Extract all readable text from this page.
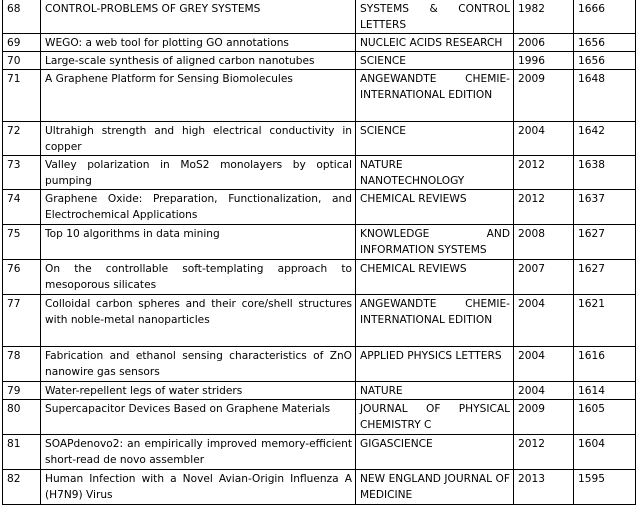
68	CONTROL-PROBLEMS OF GREY SYSTEMS	SYSTEMS & CONTROL LETTERS	1982	1666
69	WEGO: a web tool for plotting GO annotations	NUCLEIC ACIDS RESEARCH	2006	1656
70	Large-scale synthesis of aligned carbon nanotubes	SCIENCE	1996	1656
71	A Graphene Platform for Sensing Biomolecules	ANGEWANDTE CHEMIE-INTERNATIONAL EDITION	2009	1648
72	Ultrahigh strength and high electrical conductivity in copper	SCIENCE	2004	1642
73	Valley polarization in MoS2 monolayers by optical pumping	NATURE NANOTECHNOLOGY	2012	1638
74	Graphene Oxide: Preparation, Functionalization, and Electrochemical Applications	CHEMICAL REVIEWS	2012	1637
75	Top 10 algorithms in data mining	KNOWLEDGE AND INFORMATION SYSTEMS	2008	1627
76	On the controllable soft-templating approach to mesoporous silicates	CHEMICAL REVIEWS	2007	1627
77	Colloidal carbon spheres and their core/shell structures with noble-metal nanoparticles	ANGEWANDTE CHEMIE-INTERNATIONAL EDITION	2004	1621
78	Fabrication and ethanol sensing characteristics of ZnO nanowire gas sensors	APPLIED PHYSICS LETTERS	2004	1616
79	Water-repellent legs of water striders	NATURE	2004	1614
80	Supercapacitor Devices Based on Graphene Materials	JOURNAL OF PHYSICAL CHEMISTRY C	2009	1605
81	SOAPdenovo2: an empirically improved memory-efficient short-read de novo assembler	GIGASCIENCE	2012	1604
82	Human Infection with a Novel Avian-Origin Influenza A (H7N9) Virus	NEW ENGLAND JOURNAL OF MEDICINE	2013	1595
